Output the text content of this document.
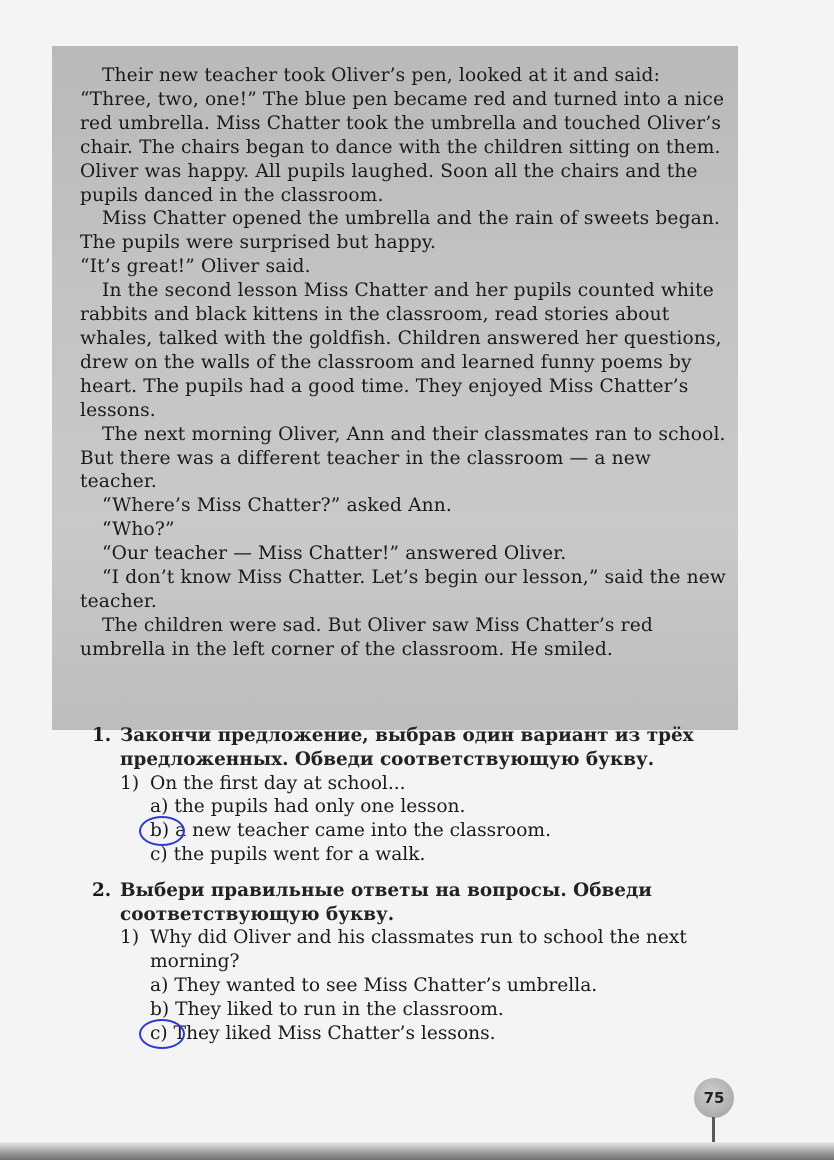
Their new teacher took Oliver’s pen, looked at it and said: “Three, two, one!” The blue pen became red and turned into a nice red umbrella. Miss Chatter took the umbrella and touched Oliver’s chair. The chairs began to dance with the children sitting on them. Oliver was happy. All pupils laughed. Soon all the chairs and the pupils danced in the classroom.

Miss Chatter opened the umbrella and the rain of sweets began. The pupils were surprised but happy.

“It’s great!” Oliver said.

In the second lesson Miss Chatter and her pupils counted white rabbits and black kittens in the classroom, read stories about whales, talked with the goldfish. Children answered her questions, drew on the walls of the classroom and learned funny poems by heart. The pupils had a good time. They enjoyed Miss Chatter’s lessons.

The next morning Oliver, Ann and their classmates ran to school. But there was a different teacher in the classroom — a new teacher.

“Where’s Miss Chatter?” asked Ann.

“Who?”

“Our teacher — Miss Chatter!” answered Oliver.

“I don’t know Miss Chatter. Let’s begin our lesson,” said the new teacher.

The children were sad. But Oliver saw Miss Chatter’s red umbrella in the left corner of the classroom. He smiled.

1. Закончи предложение, выбрав один вариант из трёх предложенных. Обведи соответствующую букву.
1) On the first day at school...
a) the pupils had only one lesson.
b) a new teacher came into the classroom.
c) the pupils went for a walk.
2. Выбери правильные ответы на вопросы. Обведи соответствующую букву.
1) Why did Oliver and his classmates run to school the next morning?
a) They wanted to see Miss Chatter’s umbrella.
b) They liked to run in the classroom.
c) They liked Miss Chatter’s lessons.
75
